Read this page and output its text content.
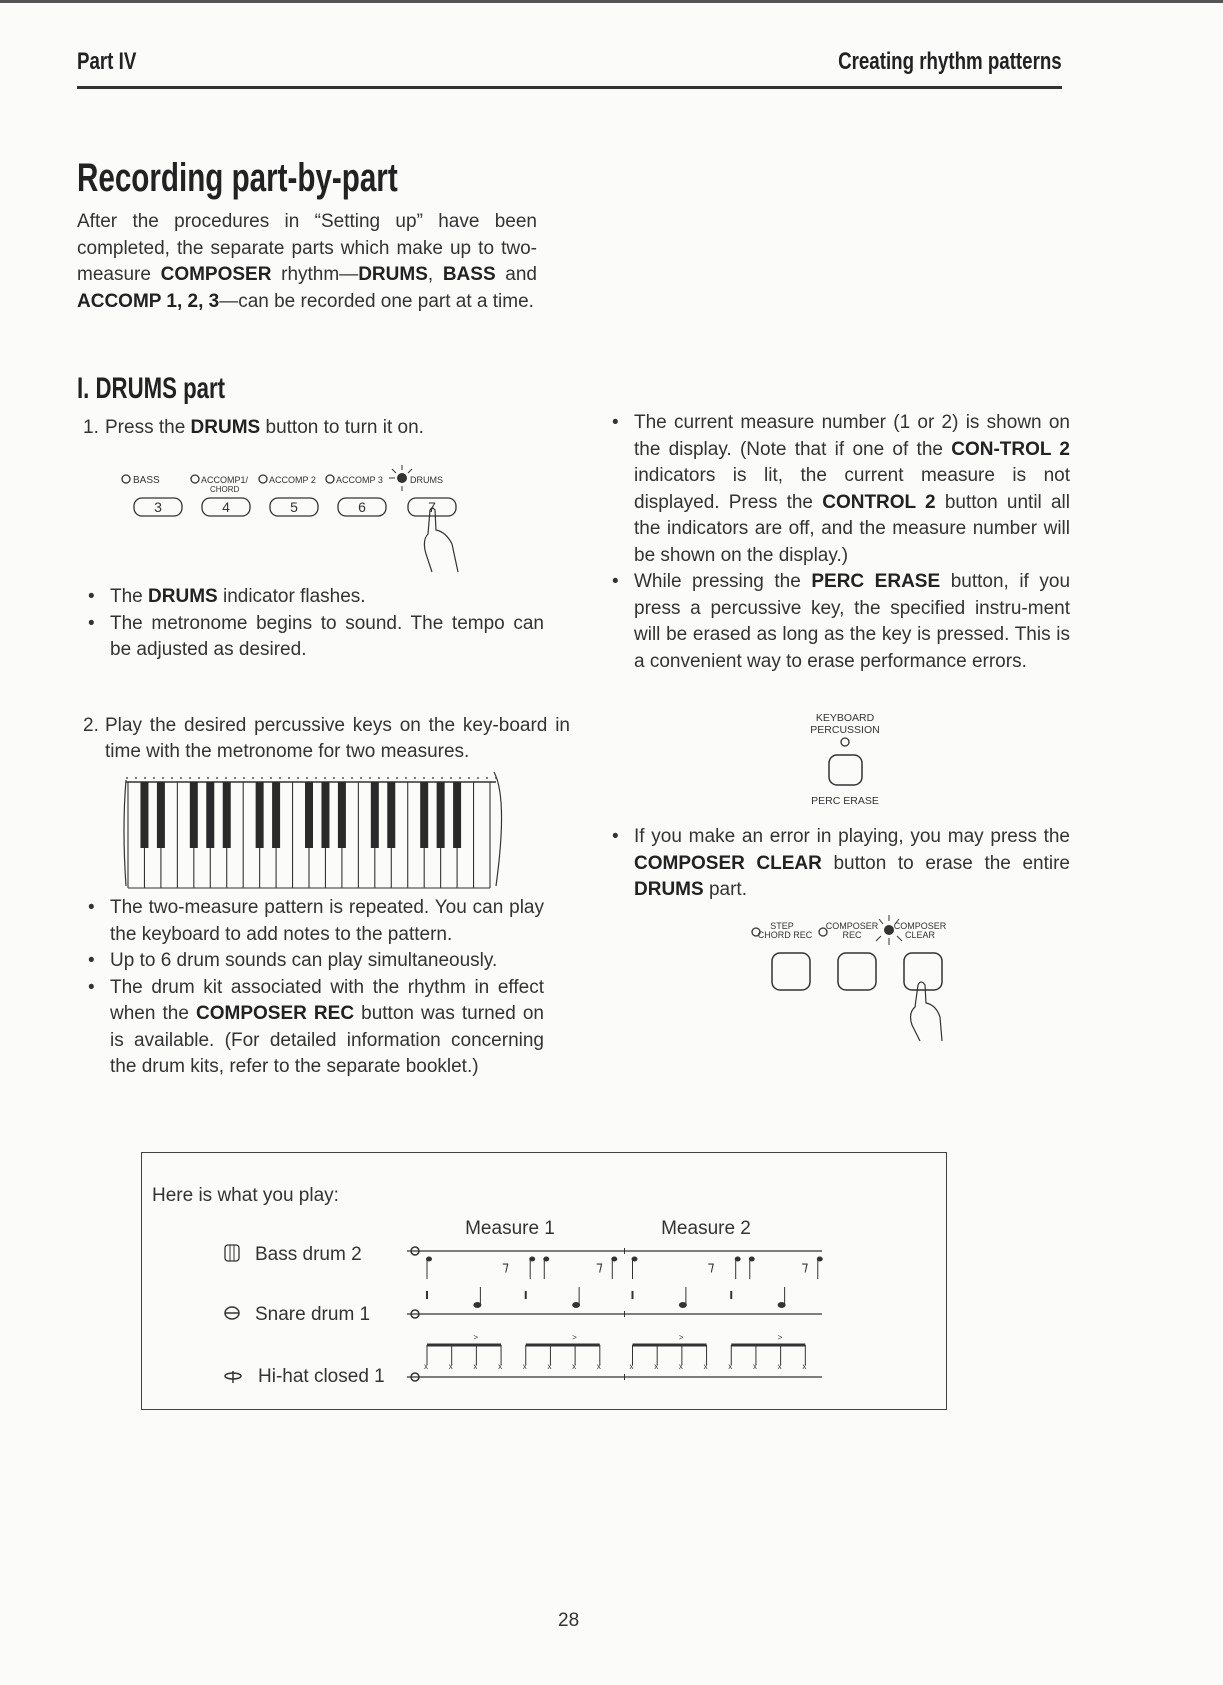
Part IV	Creating rhythm patterns
Recording part-by-part
After the procedures in “Setting up” have been completed, the separate parts which make up to two-measure COMPOSER rhythm—DRUMS, BASS and ACCOMP 1, 2, 3—can be recorded one part at a time.
I. DRUMS part
1. Press the DRUMS button to turn it on.
BASS	ACCOMP1/
CHORD
ACCOMP 2 ACCOMP 3	DRUMS
3	4	5	6	7
• The DRUMS indicator flashes.
• The metronome begins to sound. The tempo can be adjusted as desired.
2. Play the desired percussive keys on the key-board in time with the metronome for two measures.
• The two-measure pattern is repeated. You can play the keyboard to add notes to the pattern.
• Up to 6 drum sounds can play simultaneously.
• The drum kit associated with the rhythm in effect when the COMPOSER REC button was turned on is available. (For detailed information concerning the drum kits, refer to the separate booklet.)
• The current measure number (1 or 2) is shown on the display. (Note that if one of the CON-TROL 2 indicators is lit, the current measure is not displayed. Press the CONTROL 2 button until all the indicators are off, and the measure number will be shown on the display.)
• While pressing the PERC ERASE button, if you press a percussive key, the specified instru-ment will be erased as long as the key is pressed. This is a convenient way to erase performance errors.
KEYBOARD
PERCUSSION
PERC ERASE
• If you make an error in playing, you may press the COMPOSER CLEAR button to erase the entire DRUMS part.
STEP
CHORD REC
COMPOSER
REC
COMPOSER
CLEAR
Here is what you play:
Measure 1	Measure 2
Bass drum 2
Snare drum 1
Hi-hat closed 1
⁊	⁊
x	x	x	x
>
x	x	x	x
>
⁊	⁊
x	x	x	x
>
x	x	x	x
>
28
